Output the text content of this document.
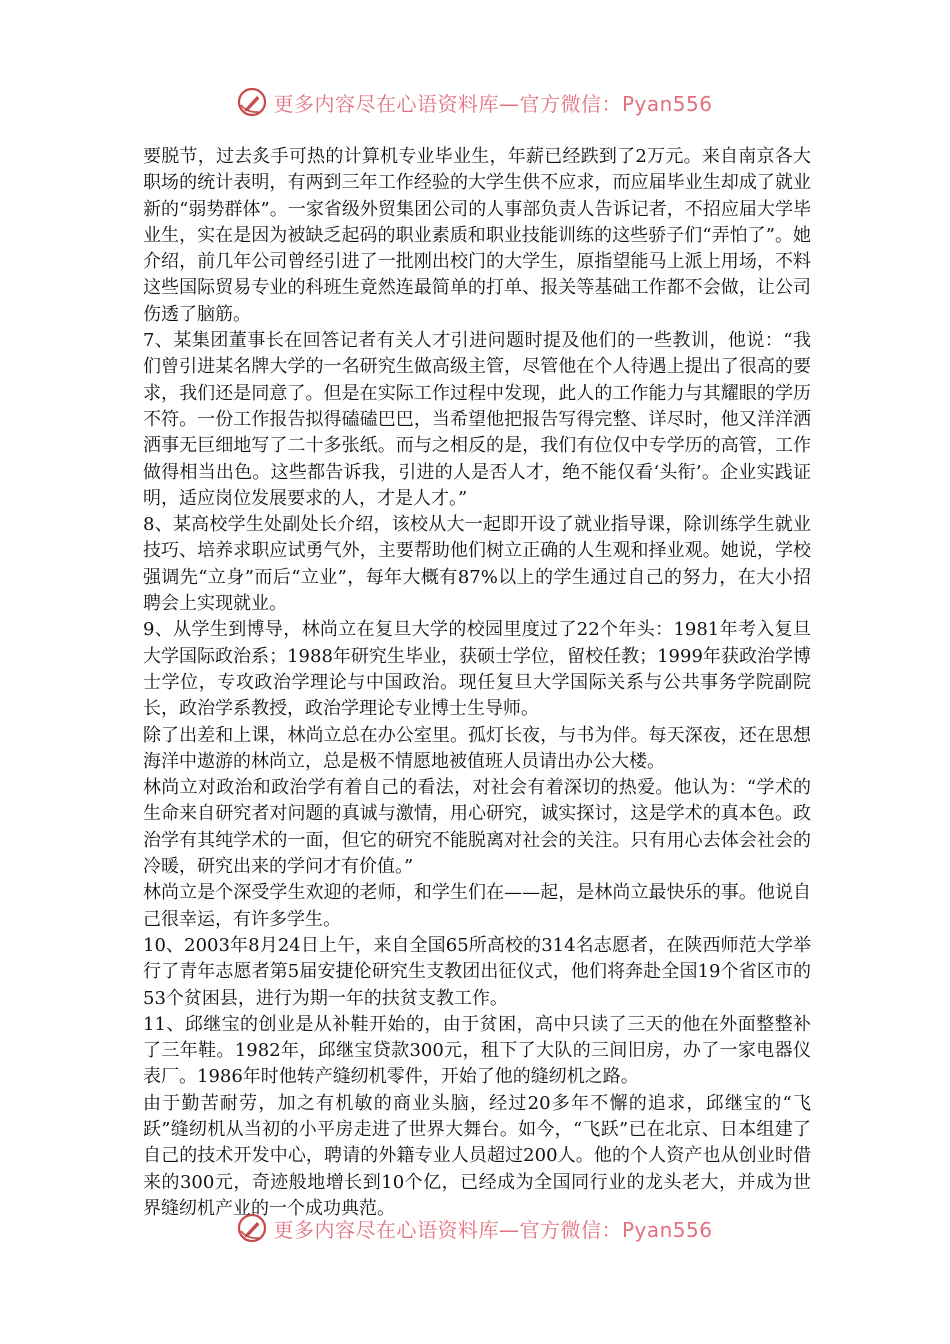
更多内容尽在心语资料库—官方微信：Pyan556

要脱节，过去炙手可热的计算机专业毕业生，年薪已经跌到了2万元。来自南京各大职场的统计表明，有两到三年工作经验的大学生供不应求，而应届毕业生却成了就业新的“弱势群体”。一家省级外贸集团公司的人事部负责人告诉记者，不招应届大学毕业生，实在是因为被缺乏起码的职业素质和职业技能训练的这些骄子们“弄怕了”。她介绍，前几年公司曾经引进了一批刚出校门的大学生，原指望能马上派上用场，不料这些国际贸易专业的科班生竟然连最简单的打单、报关等基础工作都不会做，让公司伤透了脑筋。

7、某集团董事长在回答记者有关人才引进问题时提及他们的一些教训，他说：“我们曾引进某名牌大学的一名研究生做高级主管，尽管他在个人待遇上提出了很高的要求，我们还是同意了。但是在实际工作过程中发现，此人的工作能力与其耀眼的学历不符。一份工作报告拟得磕磕巴巴，当希望他把报告写得完整、详尽时，他又洋洋洒洒事无巨细地写了二十多张纸。而与之相反的是，我们有位仅中专学历的高管，工作做得相当出色。这些都告诉我，引进的人是否人才，绝不能仅看‘头衔’。企业实践证明，适应岗位发展要求的人，才是人才。”

8、某高校学生处副处长介绍，该校从大一起即开设了就业指导课，除训练学生就业技巧、培养求职应试勇气外，主要帮助他们树立正确的人生观和择业观。她说，学校强调先“立身”而后“立业”，每年大概有87%以上的学生通过自己的努力，在大小招聘会上实现就业。

9、从学生到博导，林尚立在复旦大学的校园里度过了22个年头：1981年考入复旦大学国际政治系；1988年研究生毕业，获硕士学位，留校任教；1999年获政治学博士学位，专攻政治学理论与中国政治。现任复旦大学国际关系与公共事务学院副院长，政治学系教授，政治学理论专业博士生导师。

除了出差和上课，林尚立总在办公室里。孤灯长夜，与书为伴。每天深夜，还在思想海洋中遨游的林尚立，总是极不情愿地被值班人员请出办公大楼。

林尚立对政治和政治学有着自己的看法，对社会有着深切的热爱。他认为：“学术的生命来自研究者对问题的真诚与激情，用心研究，诚实探讨，这是学术的真本色。政治学有其纯学术的一面，但它的研究不能脱离对社会的关注。只有用心去体会社会的冷暖，研究出来的学问才有价值。”

林尚立是个深受学生欢迎的老师，和学生们在——起，是林尚立最快乐的事。他说自己很幸运，有许多学生。

10、2003年8月24日上午，来自全国65所高校的314名志愿者，在陕西师范大学举行了青年志愿者第5届安捷伦研究生支教团出征仪式，他们将奔赴全国19个省区市的53个贫困县，进行为期一年的扶贫支教工作。

11、邱继宝的创业是从补鞋开始的，由于贫困，高中只读了三天的他在外面整整补了三年鞋。1982年，邱继宝贷款300元，租下了大队的三间旧房，办了一家电器仪表厂。1986年时他转产缝纫机零件，开始了他的缝纫机之路。

由于勤苦耐劳，加之有机敏的商业头脑，经过20多年不懈的追求，邱继宝的“飞跃”缝纫机从当初的小平房走进了世界大舞台。如今，“飞跃”已在北京、日本组建了自己的技术开发中心，聘请的外籍专业人员超过200人。他的个人资产也从创业时借来的300元，奇迹般地增长到10个亿，已经成为全国同行业的龙头老大，并成为世界缝纫机产业的一个成功典范。

更多内容尽在心语资料库—官方微信：Pyan556
